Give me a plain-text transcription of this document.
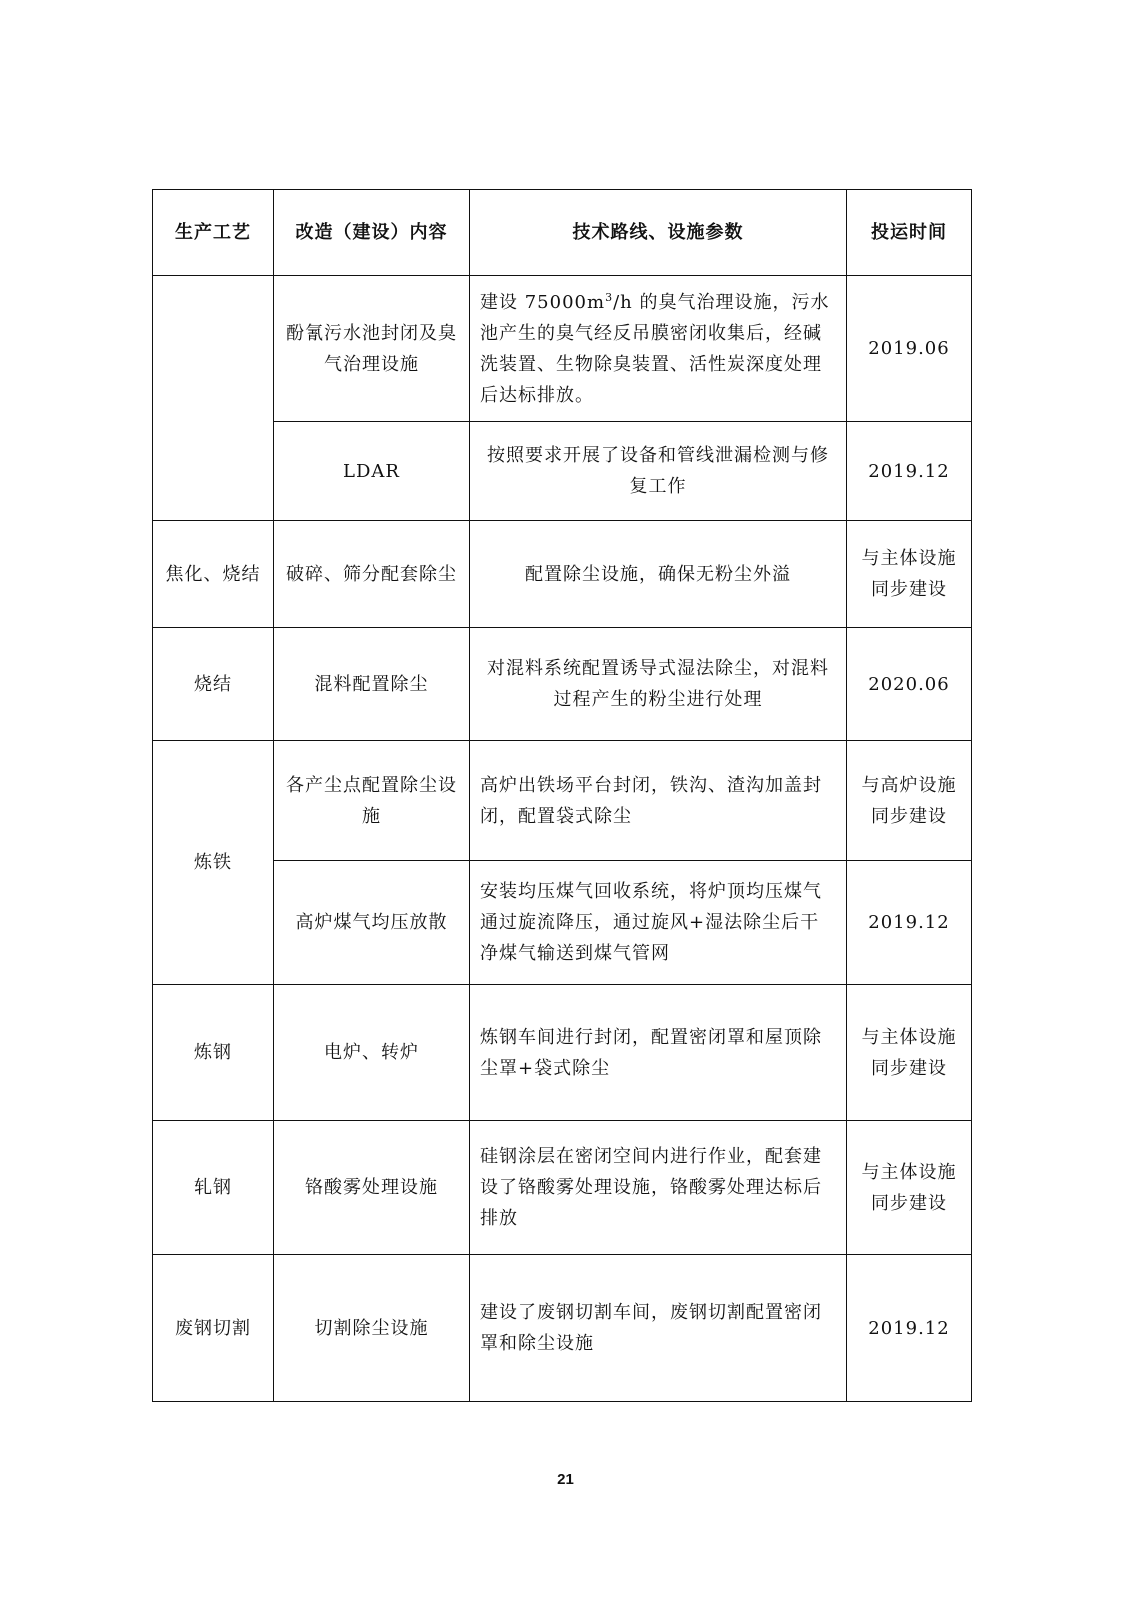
生产工艺	改造（建设）内容	技术路线、设施参数	投运时间
	酚氰污水池封闭及臭气治理设施	建设 $75000m^3/h$ 的臭气治理设施，污水池产生的臭气经反吊膜密闭收集后，经碱洗装置、生物除臭装置、活性炭深度处理后达标排放。	2019.06
	LDAR	按照要求开展了设备和管线泄漏检测与修复工作	2019.12
焦化、烧结	破碎、筛分配套除尘	配置除尘设施，确保无粉尘外溢	与主体设施同步建设
烧结	混料配置除尘	对混料系统配置诱导式湿法除尘，对混料过程产生的粉尘进行处理	2020.06
炼铁	各产尘点配置除尘设施	高炉出铁场平台封闭，铁沟、渣沟加盖封闭，配置袋式除尘	与高炉设施同步建设
	高炉煤气均压放散	安装均压煤气回收系统，将炉顶均压煤气通过旋流降压，通过旋风+湿法除尘后干净煤气输送到煤气管网	2019.12
炼钢	电炉、转炉	炼钢车间进行封闭，配置密闭罩和屋顶除尘罩+袋式除尘	与主体设施同步建设
轧钢	铬酸雾处理设施	硅钢涂层在密闭空间内进行作业，配套建设了铬酸雾处理设施，铬酸雾处理达标后排放	与主体设施同步建设
废钢切割	切割除尘设施	建设了废钢切割车间，废钢切割配置密闭罩和除尘设施	2019.12
21
